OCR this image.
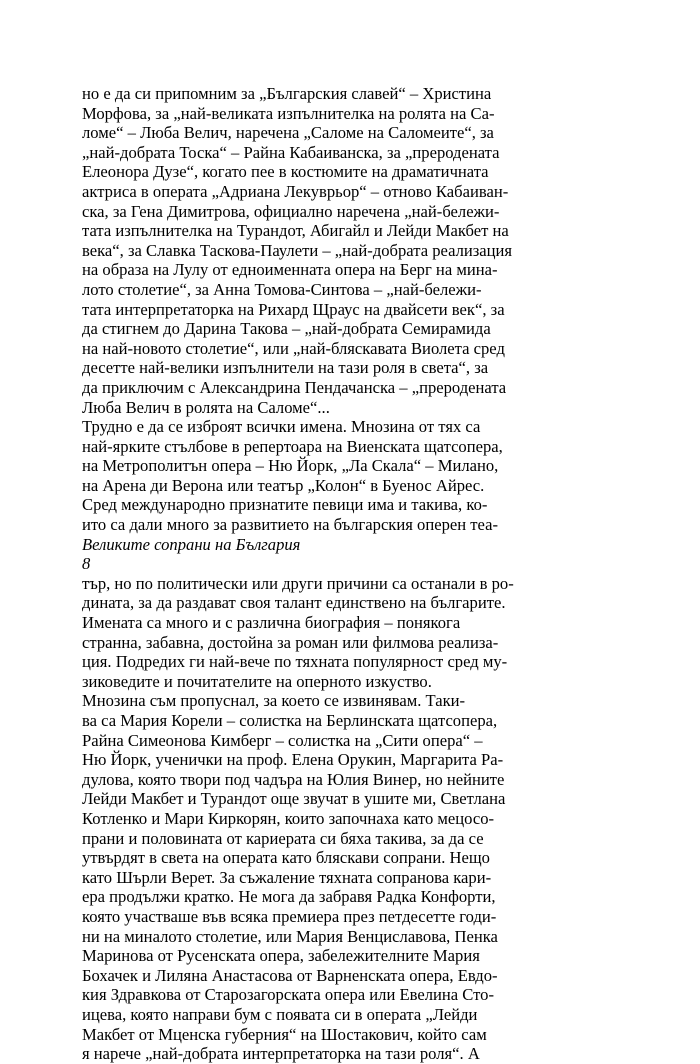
но е да си припомним за „Българския славей“ – Христина
Морфова, за „най-великата изпълнителка на ролята на Са-
ломе“ – Люба Велич, наречена „Саломе на Саломеите“, за
„най-добрата Тоска“ – Райна Кабаиванска, за „преродената
Елеонора Дузе“, когато пее в костюмите на драматичната
актриса в операта „Адриана Лекуврьор“ – отново Кабаиван-
ска, за Гена Димитрова, официално наречена „най-бележи-
тата изпълнителка на Турандот, Абигайл и Лейди Макбет на
века“, за Славка Таскова-Паулети – „най-добрата реализация
на образа на Лулу от едноименната опера на Берг на мина-
лото столетие“, за Анна Томова-Синтова – „най-бележи-
тата интерпретаторка на Рихард Щраус на двайсети век“, за
да стигнем до Дарина Такова – „най-добрата Семирамида
на най-новото столетие“, или „най-бляскавата Виолета сред
десетте най-велики изпълнители на тази роля в света“, за
да приключим с Александрина Пендачанска – „преродената
Люба Велич в ролята на Саломе“...
Трудно е да се изброят всички имена. Мнозина от тях са
най-ярките стълбове в репертоара на Виенската щатсопера,
на Метрополитън опера – Ню Йорк, „Ла Скала“ – Милано,
на Арена ди Верона или театър „Колон“ в Буенос Айрес.
Сред международно признатите певици има и такива, ко-
ито са дали много за развитието на българския оперен теа-
Великите сопрани на България
8
тър, но по политически или други причини са останали в ро-
дината, за да раздават своя талант единствено на българите.
Имената са много и с различна биография – понякога
странна, забавна, достойна за роман или филмова реализа-
ция. Подредих ги най-вече по тяхната популярност сред му-
зиковедите и почитателите на оперното изкуство.
Мнозина съм пропуснал, за което се извинявам. Таки-
ва са Мария Корели – солистка на Берлинската щатсопера,
Райна Симеонова Кимберг – солистка на „Сити опера“ –
Ню Йорк, ученички на проф. Елена Орукин, Маргарита Ра-
дулова, която твори под чадъра на Юлия Винер, но нейните
Лейди Макбет и Турандот още звучат в ушите ми, Светлана
Котленко и Мари Киркорян, които започнаха като мецосо-
прани и половината от кариерата си бяха такива, за да се
утвърдят в света на операта като бляскави сопрани. Нещо
като Шърли Верет. За съжаление тяхната сопранова кари-
ера продължи кратко. Не мога да забравя Радка Конфорти,
която участваше във всяка премиера през петдесетте годи-
ни на миналото столетие, или Мария Венциславова, Пенка
Маринова от Русенската опера, забележителните Мария
Бохачек и Лиляна Анастасова от Варненската опера, Евдо-
кия Здравкова от Старозагорската опера или Евелина Сто-
ицева, която направи бум с появата си в операта „Лейди
Макбет от Мценска губерния“ на Шостакович, който сам
я нарече „най-добрата интерпретаторка на тази роля“. А
